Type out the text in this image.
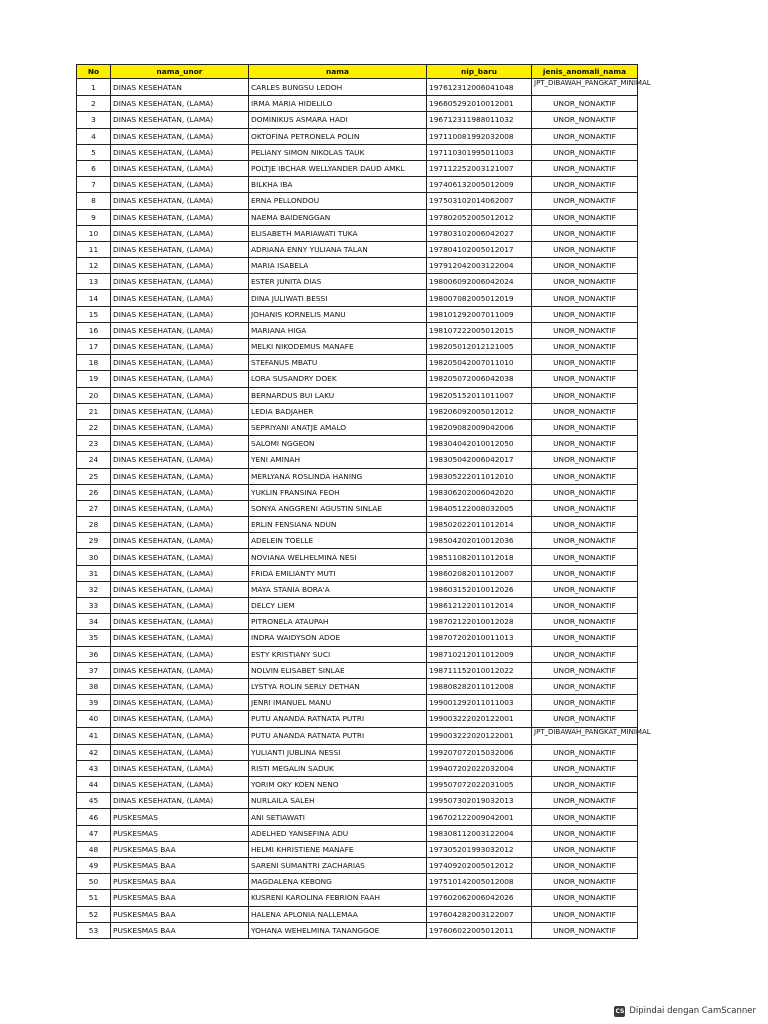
No	nama_unor	nama	nip_baru	jenis_anomali_nama
1	DINAS KESEHATAN	CARLES BUNGSU LEDOH	197612312006041048	JPT_DIBAWAH_PANGKAT_MINIMAL
2	DINAS KESEHATAN, (LAMA)	IRMA MARIA HIDELILO	196605292010012001	UNOR_NONAKTIF
3	DINAS KESEHATAN, (LAMA)	DOMINIKUS ASMARA HADI	196712311988011032	UNOR_NONAKTIF
4	DINAS KESEHATAN, (LAMA)	OKTOFINA PETRONELA POLIN	197110081992032008	UNOR_NONAKTIF
5	DINAS KESEHATAN, (LAMA)	PELIANY SIMON NIKOLAS TAUK	197110301995011003	UNOR_NONAKTIF
6	DINAS KESEHATAN, (LAMA)	POLTJE IBCHAR WELLYANDER DAUD AMKL	197112252003121007	UNOR_NONAKTIF
7	DINAS KESEHATAN, (LAMA)	BILKHA IBA	197406132005012009	UNOR_NONAKTIF
8	DINAS KESEHATAN, (LAMA)	ERNA PELLONDOU	197503102014062007	UNOR_NONAKTIF
9	DINAS KESEHATAN, (LAMA)	NAEMA BAIDENGGAN	197802052005012012	UNOR_NONAKTIF
10	DINAS KESEHATAN, (LAMA)	ELISABETH MARIAWATI TUKA	197803102006042027	UNOR_NONAKTIF
11	DINAS KESEHATAN, (LAMA)	ADRIANA ENNY YULIANA TALAN	197804102005012017	UNOR_NONAKTIF
12	DINAS KESEHATAN, (LAMA)	MARIA ISABELA	197912042003122004	UNOR_NONAKTIF
13	DINAS KESEHATAN, (LAMA)	ESTER JUNITA DIAS	198006092006042024	UNOR_NONAKTIF
14	DINAS KESEHATAN, (LAMA)	DINA JULIWATI BESSI	198007082005012019	UNOR_NONAKTIF
15	DINAS KESEHATAN, (LAMA)	JOHANIS KORNELIS MANU	198101292007011009	UNOR_NONAKTIF
16	DINAS KESEHATAN, (LAMA)	MARIANA HIGA	198107222005012015	UNOR_NONAKTIF
17	DINAS KESEHATAN, (LAMA)	MELKI NIKODEMUS MANAFE	198205012012121005	UNOR_NONAKTIF
18	DINAS KESEHATAN, (LAMA)	STEFANUS MBATU	198205042007011010	UNOR_NONAKTIF
19	DINAS KESEHATAN, (LAMA)	LORA SUSANDRY DOEK	198205072006042038	UNOR_NONAKTIF
20	DINAS KESEHATAN, (LAMA)	BERNARDUS BUI LAKU	198205152011011007	UNOR_NONAKTIF
21	DINAS KESEHATAN, (LAMA)	LEDIA BADJAHER	198206092005012012	UNOR_NONAKTIF
22	DINAS KESEHATAN, (LAMA)	SEPRIYANI ANATJE AMALO	198209082009042006	UNOR_NONAKTIF
23	DINAS KESEHATAN, (LAMA)	SALOMI NGGEON	198304042010012050	UNOR_NONAKTIF
24	DINAS KESEHATAN, (LAMA)	YENI AMINAH	198305042006042017	UNOR_NONAKTIF
25	DINAS KESEHATAN, (LAMA)	MERLYANA ROSLINDA HANING	198305222011012010	UNOR_NONAKTIF
26	DINAS KESEHATAN, (LAMA)	YUKLIN FRANSINA FEOH	198306202006042020	UNOR_NONAKTIF
27	DINAS KESEHATAN, (LAMA)	SONYA ANGGRENI AGUSTIN SINLAE	198405122008032005	UNOR_NONAKTIF
28	DINAS KESEHATAN, (LAMA)	ERLIN FENSIANA NDUN	198502022011012014	UNOR_NONAKTIF
29	DINAS KESEHATAN, (LAMA)	ADELEIN TOELLE	198504202010012036	UNOR_NONAKTIF
30	DINAS KESEHATAN, (LAMA)	NOVIANA WELHELMINA NESI	198511082011012018	UNOR_NONAKTIF
31	DINAS KESEHATAN, (LAMA)	FRIDA EMILIANTY MUTI	198602082011012007	UNOR_NONAKTIF
32	DINAS KESEHATAN, (LAMA)	MAYA STANIA BORA'A	198603152010012026	UNOR_NONAKTIF
33	DINAS KESEHATAN, (LAMA)	DELCY LIEM	198612122011012014	UNOR_NONAKTIF
34	DINAS KESEHATAN, (LAMA)	PITRONELA ATAUPAH	198702122010012028	UNOR_NONAKTIF
35	DINAS KESEHATAN, (LAMA)	INDRA WAIDYSON ADOE	198707202010011013	UNOR_NONAKTIF
36	DINAS KESEHATAN, (LAMA)	ESTY KRISTIANY SUCI	198710212011012009	UNOR_NONAKTIF
37	DINAS KESEHATAN, (LAMA)	NOLVIN ELISABET SINLAE	198711152010012022	UNOR_NONAKTIF
38	DINAS KESEHATAN, (LAMA)	LYSTYA ROLIN SERLY DETHAN	198808282011012008	UNOR_NONAKTIF
39	DINAS KESEHATAN, (LAMA)	JENRI IMANUEL MANU	199001292011011003	UNOR_NONAKTIF
40	DINAS KESEHATAN, (LAMA)	PUTU ANANDA RATNATA PUTRI	199003222020122001	UNOR_NONAKTIF
41	DINAS KESEHATAN, (LAMA)	PUTU ANANDA RATNATA PUTRI	199003222020122001	JPT_DIBAWAH_PANGKAT_MINIMAL
42	DINAS KESEHATAN, (LAMA)	YULIANTI JUBLINA NESSI	199207072015032006	UNOR_NONAKTIF
43	DINAS KESEHATAN, (LAMA)	RISTI MEGALIN SADUK	199407202022032004	UNOR_NONAKTIF
44	DINAS KESEHATAN, (LAMA)	YORIM OKY KOEN NENO	199507072022031005	UNOR_NONAKTIF
45	DINAS KESEHATAN, (LAMA)	NURLAILA SALEH	199507302019032013	UNOR_NONAKTIF
46	PUSKESMAS	ANI SETIAWATI	196702122009042001	UNOR_NONAKTIF
47	PUSKESMAS	ADELHED YANSEFINA ADU	198308112003122004	UNOR_NONAKTIF
48	PUSKESMAS BAA	HELMI KHRISTIENE MANAFE	197305201993032012	UNOR_NONAKTIF
49	PUSKESMAS BAA	SARENI SUMANTRI ZACHARIAS	197409202005012012	UNOR_NONAKTIF
50	PUSKESMAS BAA	MAGDALENA KEBONG	197510142005012008	UNOR_NONAKTIF
51	PUSKESMAS BAA	KUSRENI KAROLINA FEBRION FAAH	197602062006042026	UNOR_NONAKTIF
52	PUSKESMAS BAA	HALENA APLONIA NALLEMAA	197604282003122007	UNOR_NONAKTIF
53	PUSKESMAS BAA	YOHANA WEHELMINA TANANGGOE	197606022005012011	UNOR_NONAKTIF
CS Dipindai dengan CamScanner
